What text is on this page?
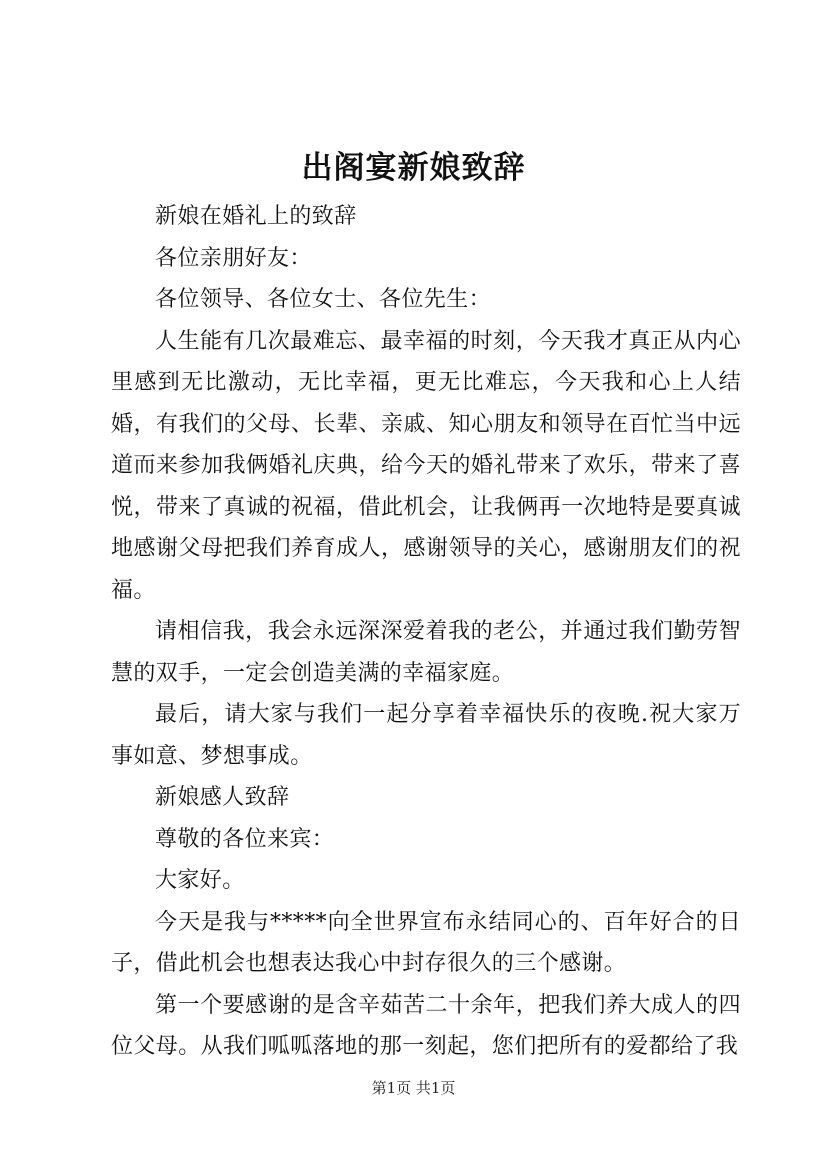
出阁宴新娘致辞

新娘在婚礼上的致辞

各位亲朋好友：

各位领导、各位女士、各位先生：

人生能有几次最难忘、最幸福的时刻，今天我才真正从内心里感到无比激动，无比幸福，更无比难忘，今天我和心上人结婚，有我们的父母、长辈、亲戚、知心朋友和领导在百忙当中远道而来参加我俩婚礼庆典，给今天的婚礼带来了欢乐，带来了喜悦，带来了真诚的祝福，借此机会，让我俩再一次地特是要真诚地感谢父母把我们养育成人，感谢领导的关心，感谢朋友们的祝福。

请相信我，我会永远深深爱着我的老公，并通过我们勤劳智慧的双手，一定会创造美满的幸福家庭。

最后，请大家与我们一起分享着幸福快乐的夜晚.祝大家万事如意、梦想事成。

新娘感人致辞

尊敬的各位来宾：

大家好。

今天是我与*****向全世界宣布永结同心的、百年好合的日子，借此机会也想表达我心中封存很久的三个感谢。

第一个要感谢的是含辛茹苦二十余年，把我们养大成人的四位父母。从我们呱呱落地的那一刻起，您们把所有的爱都给了我

第1页 共1页
